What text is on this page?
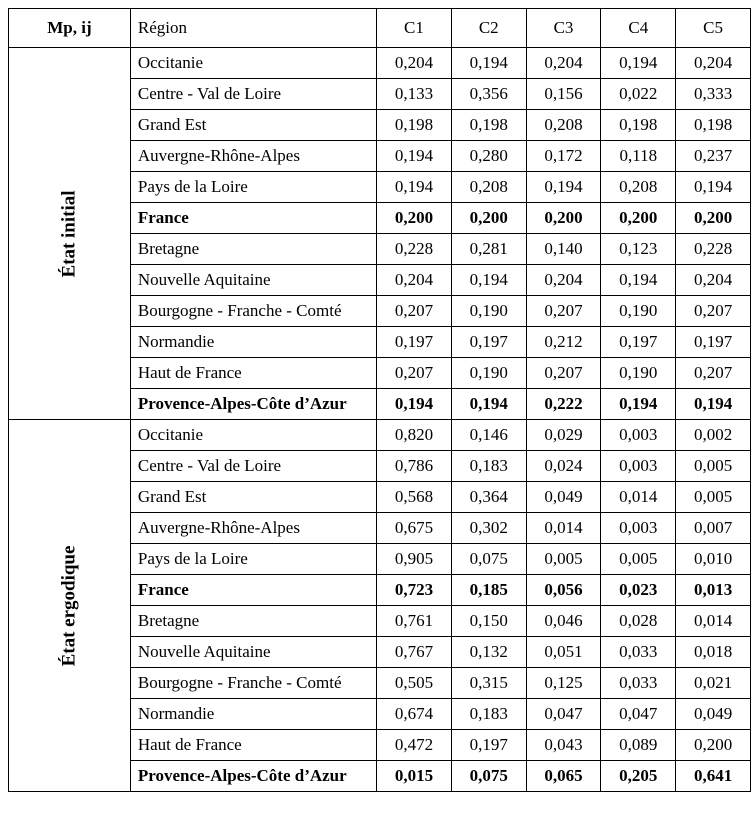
Mp, ij	Région	C1	C2	C3	C4	C5
État initial	Occitanie	0,204	0,194	0,204	0,194	0,204
	Centre - Val de Loire	0,133	0,356	0,156	0,022	0,333
	Grand Est	0,198	0,198	0,208	0,198	0,198
	Auvergne-Rhône-Alpes	0,194	0,280	0,172	0,118	0,237
	Pays de la Loire	0,194	0,208	0,194	0,208	0,194
	France	0,200	0,200	0,200	0,200	0,200
	Bretagne	0,228	0,281	0,140	0,123	0,228
	Nouvelle Aquitaine	0,204	0,194	0,204	0,194	0,204
	Bourgogne - Franche - Comté	0,207	0,190	0,207	0,190	0,207
	Normandie	0,197	0,197	0,212	0,197	0,197
	Haut de France	0,207	0,190	0,207	0,190	0,207
	Provence-Alpes-Côte d’Azur	0,194	0,194	0,222	0,194	0,194
État ergodique	Occitanie	0,820	0,146	0,029	0,003	0,002
	Centre - Val de Loire	0,786	0,183	0,024	0,003	0,005
	Grand Est	0,568	0,364	0,049	0,014	0,005
	Auvergne-Rhône-Alpes	0,675	0,302	0,014	0,003	0,007
	Pays de la Loire	0,905	0,075	0,005	0,005	0,010
	France	0,723	0,185	0,056	0,023	0,013
	Bretagne	0,761	0,150	0,046	0,028	0,014
	Nouvelle Aquitaine	0,767	0,132	0,051	0,033	0,018
	Bourgogne - Franche - Comté	0,505	0,315	0,125	0,033	0,021
	Normandie	0,674	0,183	0,047	0,047	0,049
	Haut de France	0,472	0,197	0,043	0,089	0,200
	Provence-Alpes-Côte d’Azur	0,015	0,075	0,065	0,205	0,641
